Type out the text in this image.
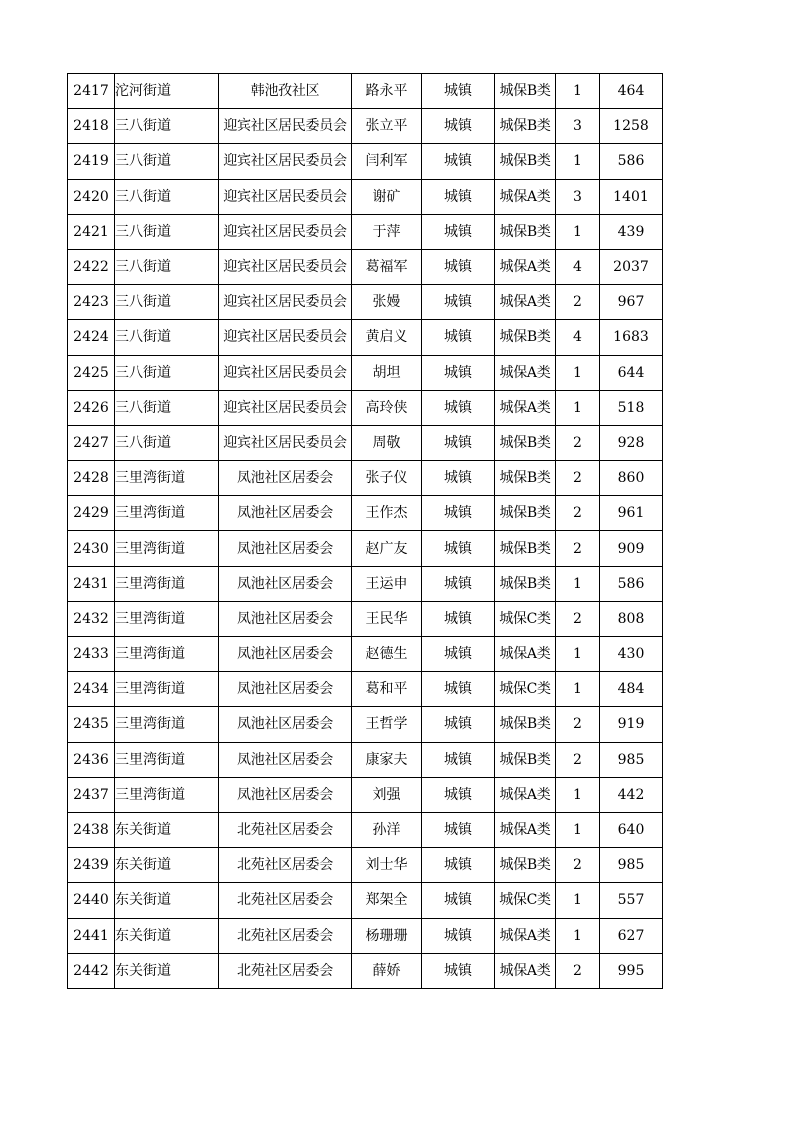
2417	沱河街道	韩池孜社区	路永平	城镇	城保B类	1	464
2418	三八街道	迎宾社区居民委员会	张立平	城镇	城保B类	3	1258
2419	三八街道	迎宾社区居民委员会	闫利军	城镇	城保B类	1	586
2420	三八街道	迎宾社区居民委员会	谢矿	城镇	城保A类	3	1401
2421	三八街道	迎宾社区居民委员会	于萍	城镇	城保B类	1	439
2422	三八街道	迎宾社区居民委员会	葛福军	城镇	城保A类	4	2037
2423	三八街道	迎宾社区居民委员会	张嫚	城镇	城保A类	2	967
2424	三八街道	迎宾社区居民委员会	黄启义	城镇	城保B类	4	1683
2425	三八街道	迎宾社区居民委员会	胡坦	城镇	城保A类	1	644
2426	三八街道	迎宾社区居民委员会	高玲侠	城镇	城保A类	1	518
2427	三八街道	迎宾社区居民委员会	周敬	城镇	城保B类	2	928
2428	三里湾街道	凤池社区居委会	张子仪	城镇	城保B类	2	860
2429	三里湾街道	凤池社区居委会	王作杰	城镇	城保B类	2	961
2430	三里湾街道	凤池社区居委会	赵广友	城镇	城保B类	2	909
2431	三里湾街道	凤池社区居委会	王运申	城镇	城保B类	1	586
2432	三里湾街道	凤池社区居委会	王民华	城镇	城保C类	2	808
2433	三里湾街道	凤池社区居委会	赵德生	城镇	城保A类	1	430
2434	三里湾街道	凤池社区居委会	葛和平	城镇	城保C类	1	484
2435	三里湾街道	凤池社区居委会	王哲学	城镇	城保B类	2	919
2436	三里湾街道	凤池社区居委会	康家夫	城镇	城保B类	2	985
2437	三里湾街道	凤池社区居委会	刘强	城镇	城保A类	1	442
2438	东关街道	北苑社区居委会	孙洋	城镇	城保A类	1	640
2439	东关街道	北苑社区居委会	刘士华	城镇	城保B类	2	985
2440	东关街道	北苑社区居委会	郑架全	城镇	城保C类	1	557
2441	东关街道	北苑社区居委会	杨珊珊	城镇	城保A类	1	627
2442	东关街道	北苑社区居委会	薛娇	城镇	城保A类	2	995
